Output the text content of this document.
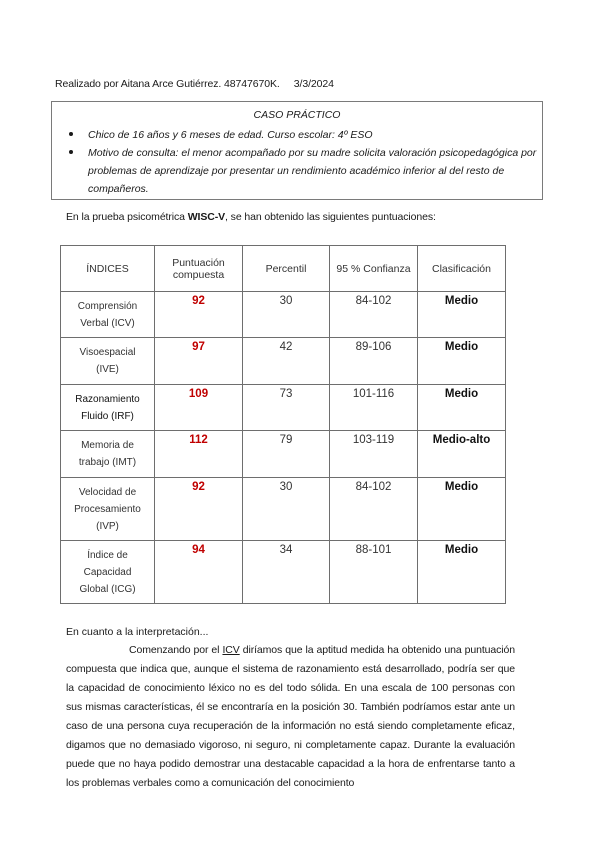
Realizado por Aitana Arce Gutiérrez. 48747670K. 3/3/2024
CASO PRÁCTICO
Chico de 16 años y 6 meses de edad. Curso escolar: 4º ESO
Motivo de consulta: el menor acompañado por su madre solicita valoración psicopedagógica por problemas de aprendizaje por presentar un rendimiento académico inferior al del resto de compañeros.
En la prueba psicométrica WISC-V, se han obtenido las siguientes puntuaciones:
ÍNDICES	Puntuación compuesta	Percentil	95 % Confianza	Clasificación

Comprensión Verbal (ICV)	92	30	84-102	Medio

Visoespacial (IVE)	97	42	89-106	Medio

Razonamiento Fluido (IRF)	109	73	101-116	Medio

Memoria de trabajo (IMT)	112	79	103-119	Medio-alto

Velocidad de Procesamiento (IVP)	92	30	84-102	Medio

Índice de Capacidad Global (ICG)	94	34	88-101	Medio
En cuanto a la interpretación...
Comenzando por el ICV diríamos que la aptitud medida ha obtenido una puntuación compuesta que indica que, aunque el sistema de razonamiento está desarrollado, podría ser que la capacidad de conocimiento léxico no es del todo sólida. En una escala de 100 personas con sus mismas características, él se encontraría en la posición 30. También podríamos estar ante un caso de una persona cuya recuperación de la información no está siendo completamente eficaz, digamos que no demasiado vigoroso, ni seguro, ni completamente capaz. Durante la evaluación puede que no haya podido demostrar una destacable capacidad a la hora de enfrentarse tanto a los problemas verbales como a comunicación del conocimiento
